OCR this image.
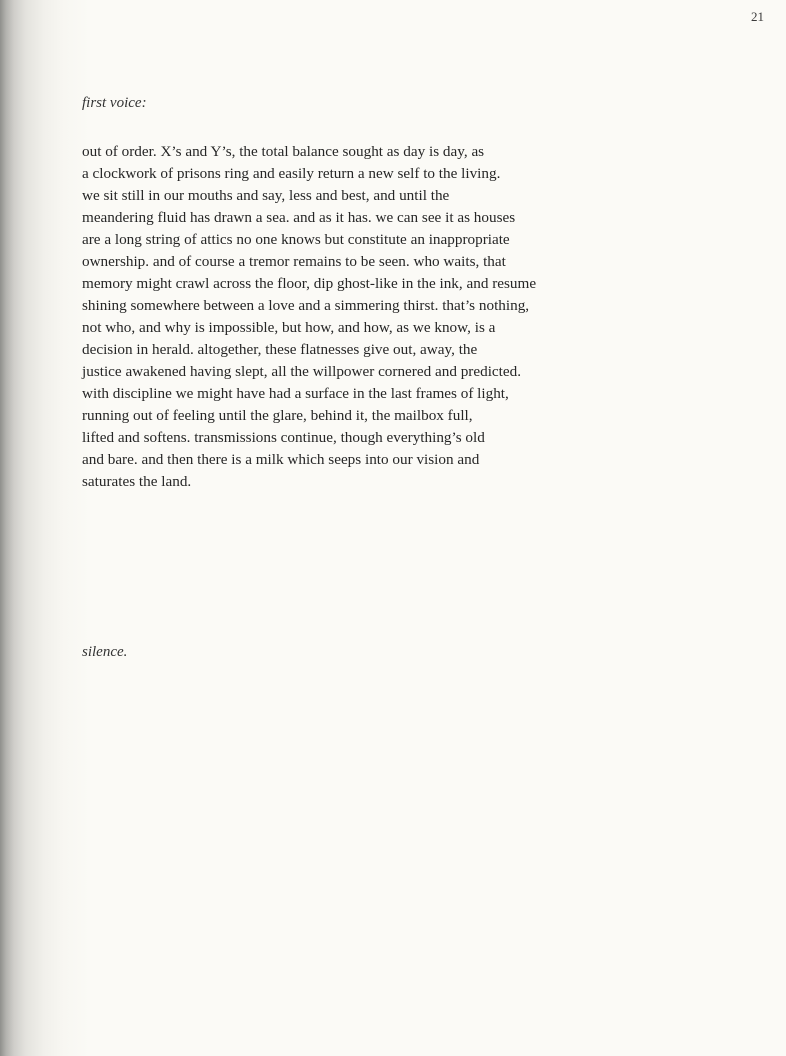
21
first voice:
out of order. X’s and Y’s, the total balance sought as day is day, as
a clockwork of prisons ring and easily return a new self to the living.
we sit still in our mouths and say, less and best, and until the
meandering fluid has drawn a sea. and as it has. we can see it as houses
are a long string of attics no one knows but constitute an inappropriate
ownership. and of course a tremor remains to be seen. who waits, that
memory might crawl across the floor, dip ghost-like in the ink, and resume
shining somewhere between a love and a simmering thirst. that’s nothing,
not who, and why is impossible, but how, and how, as we know, is a
decision in herald. altogether, these flatnesses give out, away, the
justice awakened having slept, all the willpower cornered and predicted.
with discipline we might have had a surface in the last frames of light,
running out of feeling until the glare, behind it, the mailbox full,
lifted and softens. transmissions continue, though everything’s old
and bare. and then there is a milk which seeps into our vision and
saturates the land.
silence.
